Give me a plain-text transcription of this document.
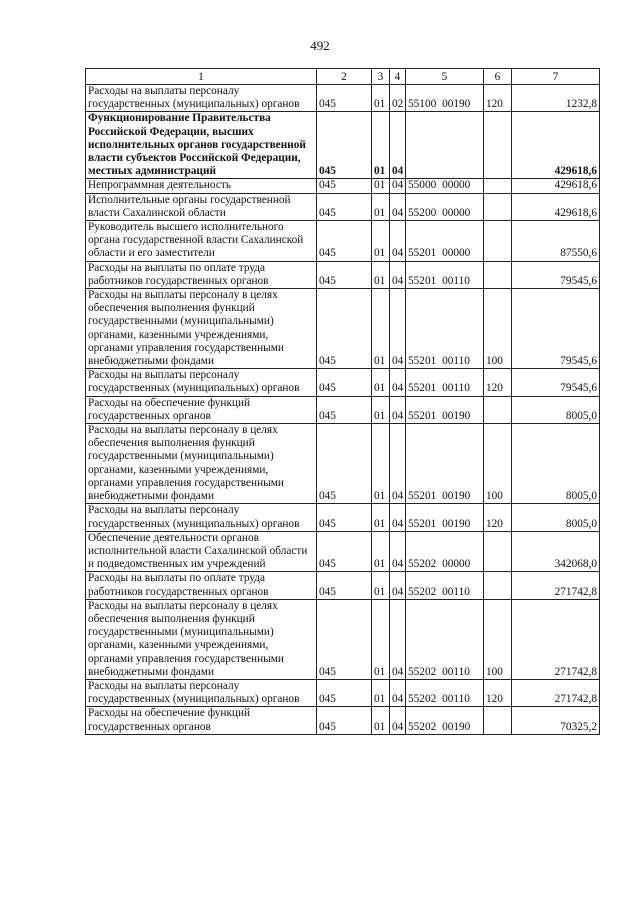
492
1	2	3	4	5	6	7
Расходы на выплаты персоналу государственных (муниципальных) органов	045	01	02	55100 00190	120	1232,8
Функционирование Правительства Российской Федерации, высших исполнительных органов государственной власти субъектов Российской Федерации, местных администраций	045	01	04			429618,6
Непрограммная деятельность	045	01	04	55000 00000		429618,6
Исполнительные органы государственной власти Сахалинской области	045	01	04	55200 00000		429618,6
Руководитель высшего исполнительного органа государственной власти Сахалинской области и его заместители	045	01	04	55201 00000		87550,6
Расходы на выплаты по оплате труда работников государственных органов	045	01	04	55201 00110		79545,6
Расходы на выплаты персоналу в целях обеспечения выполнения функций государственными (муниципальными) органами, казенными учреждениями, органами управления государственными внебюджетными фондами	045	01	04	55201 00110	100	79545,6
Расходы на выплаты персоналу государственных (муниципальных) органов	045	01	04	55201 00110	120	79545,6
Расходы на обеспечение функций государственных органов	045	01	04	55201 00190		8005,0
Расходы на выплаты персоналу в целях обеспечения выполнения функций государственными (муниципальными) органами, казенными учреждениями, органами управления государственными внебюджетными фондами	045	01	04	55201 00190	100	8005,0
Расходы на выплаты персоналу государственных (муниципальных) органов	045	01	04	55201 00190	120	8005,0
Обеспечение деятельности органов исполнительной власти Сахалинской области и подведомственных им учреждений	045	01	04	55202 00000		342068,0
Расходы на выплаты по оплате труда работников государственных органов	045	01	04	55202 00110		271742,8
Расходы на выплаты персоналу в целях обеспечения выполнения функций государственными (муниципальными) органами, казенными учреждениями, органами управления государственными внебюджетными фондами	045	01	04	55202 00110	100	271742,8
Расходы на выплаты персоналу государственных (муниципальных) органов	045	01	04	55202 00110	120	271742,8
Расходы на обеспечение функций государственных органов	045	01	04	55202 00190		70325,2
